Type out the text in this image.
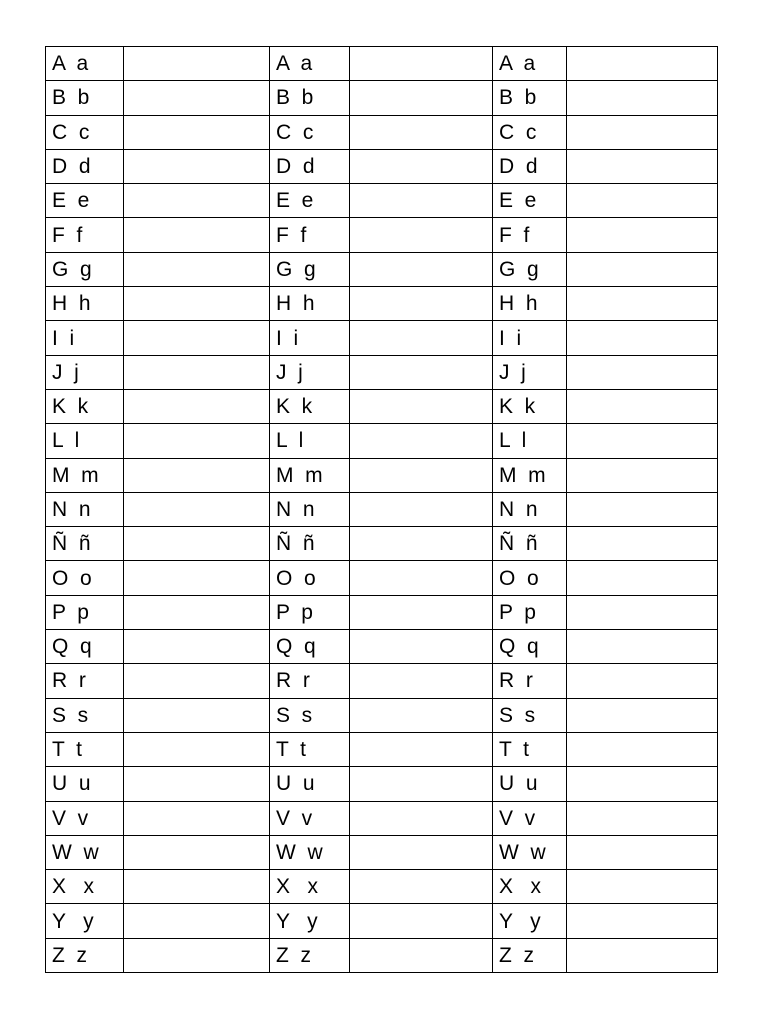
A  a		A  a		A  a	
B  b		B  b		B  b	
C  c		C  c		C  c	
D  d		D  d		D  d	
E  e		E  e		E  e	
F  f		F  f		F  f	
G  g		G  g		G  g	
H  h		H  h		H  h	
I  i		I  i		I  i	
J  j		J  j		J  j	
K  k		K  k		K  k	
L  l		L  l		L  l	
M  m		M  m		M  m	
N  n		N  n		N  n	
Ñ  ñ		Ñ  ñ		Ñ  ñ	
O  o		O  o		O  o	
P  p		P  p		P  p	
Q  q		Q  q		Q  q	
R  r		R  r		R  r	
S  s		S  s		S  s	
T  t		T  t		T  t	
U  u		U  u		U  u	
V  v		V  v		V  v	
W  w		W  w		W  w	
X   x		X   x		X   x	
Y   y		Y   y		Y   y	
Z  z		Z  z		Z  z	
